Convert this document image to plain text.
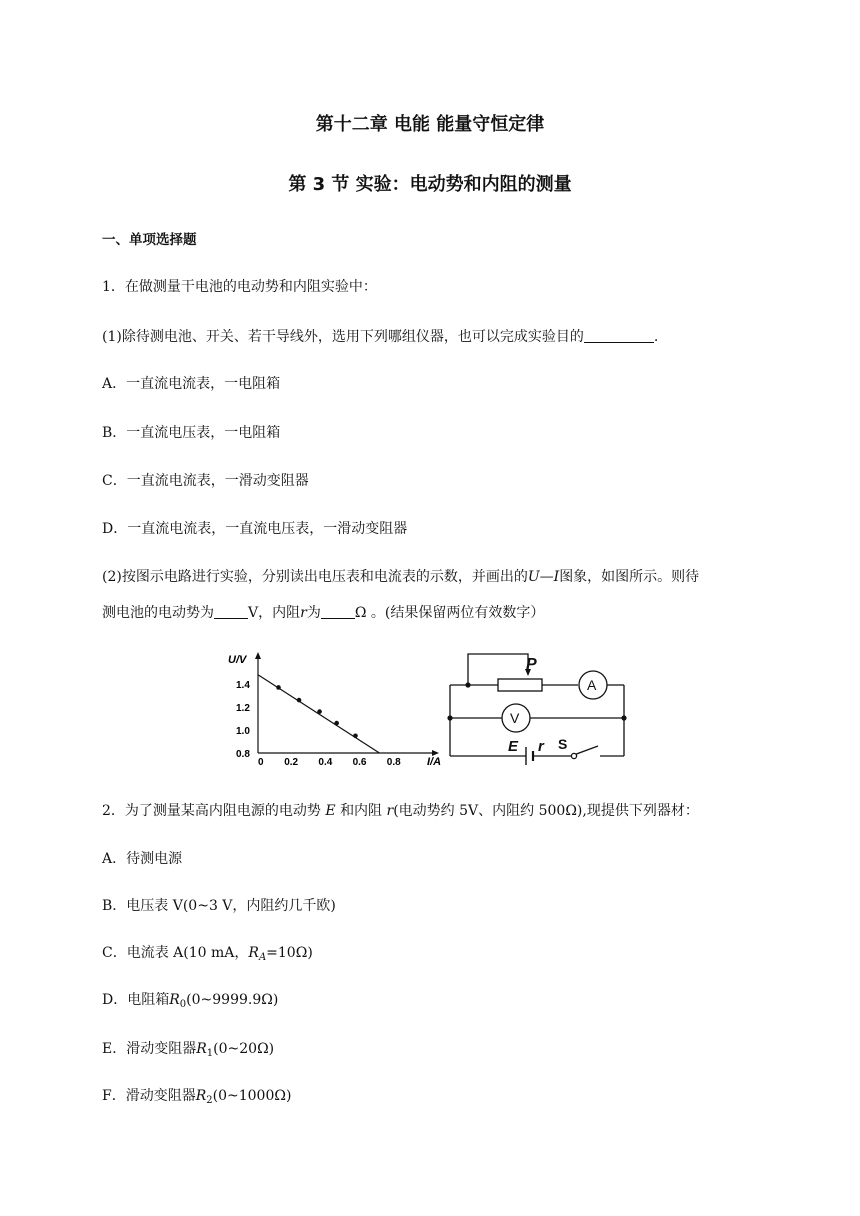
第十二章 电能 能量守恒定律
第 3 节 实验：电动势和内阻的测量
一、单项选择题
1．在做测量干电池的电动势和内阻实验中：
(1)除待测电池、开关、若干导线外，选用下列哪组仪器，也可以完成实验目的	.
A．一直流电流表，一电阻箱
B．一直流电压表，一电阻箱
C．一直流电流表，一滑动变阻器
D．一直流电流表，一直流电压表，一滑动变阻器
(2)按图示电路进行实验，分别读出电压表和电流表的示数，并画出的U—I图象，如图所示。则待
测电池的电动势为 V，内阻r为 Ω 。(结果保留两位有效数字）
U/V
I/A
0 0.2 0.4 0.6 0.8
0.8
1.0
1.2
1.4
P
A
V
E r S
2．为了测量某高内阻电源的电动势 E 和内阻 r(电动势约 5V、内阻约 500Ω),现提供下列器材：
A．待测电源
B．电压表 V(0~3 V，内阻约几千欧)
C．电流表 A(10 mA，$R_A=10\Omega$)
D．电阻箱$R_0(0\sim 9999.9\Omega)$
E．滑动变阻器$R_1(0\sim 20\Omega)$
F．滑动变阻器$R_2(0\sim 1000\Omega)$
